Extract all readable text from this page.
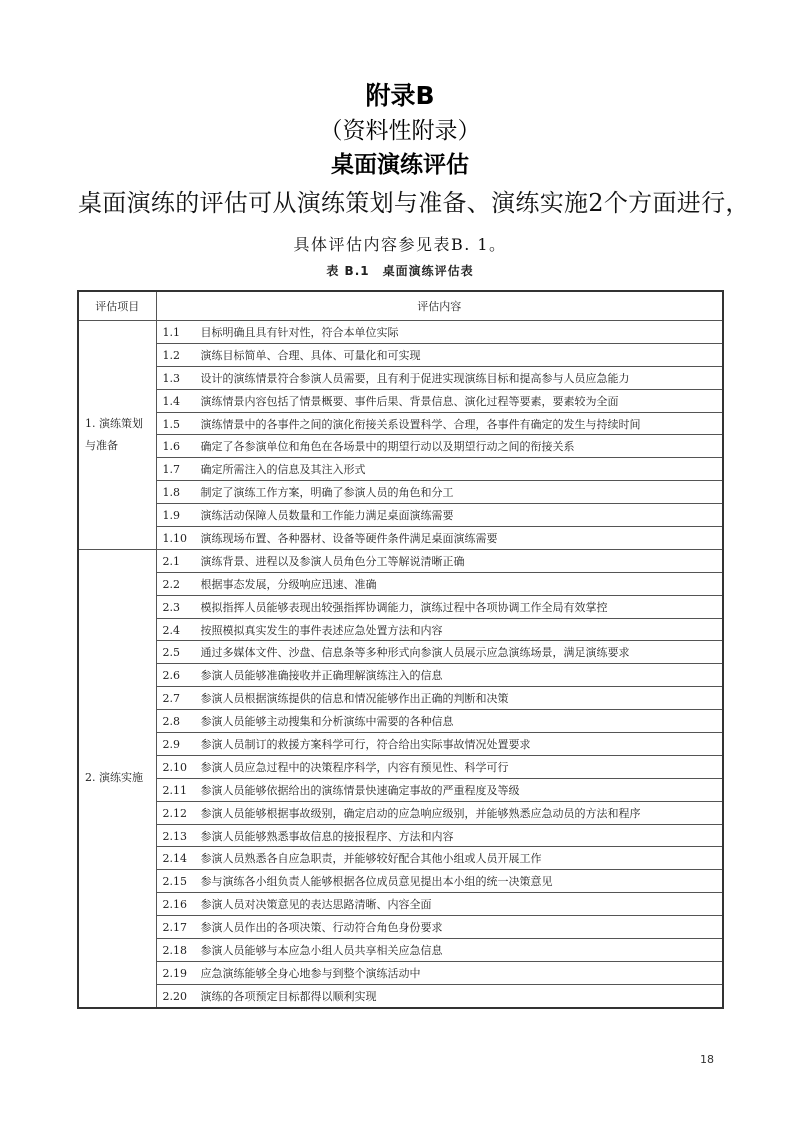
附录B
（资料性附录）
桌面演练评估
桌面演练的评估可从演练策划与准备、演练实施2个方面进行，
具体评估内容参见表B. 1。
表 B.1　桌面演练评估表
评估项目	评估内容
1. 演练策划与准备	1.1 目标明确且具有针对性，符合本单位实际
	1.2 演练目标简单、合理、具体、可量化和可实现
	1.3 设计的演练情景符合参演人员需要，且有利于促进实现演练目标和提高参与人员应急能力
	1.4 演练情景内容包括了情景概要、事件后果、背景信息、演化过程等要素，要素较为全面
	1.5 演练情景中的各事件之间的演化衔接关系设置科学、合理，各事件有确定的发生与持续时间
	1.6 确定了各参演单位和角色在各场景中的期望行动以及期望行动之间的衔接关系
	1.7 确定所需注入的信息及其注入形式
	1.8 制定了演练工作方案，明确了参演人员的角色和分工
	1.9 演练活动保障人员数量和工作能力满足桌面演练需要
	1.10 演练现场布置、各种器材、设备等硬件条件满足桌面演练需要
2. 演练实施	2.1 演练背景、进程以及参演人员角色分工等解说清晰正确
	2.2 根据事态发展，分级响应迅速、准确
	2.3 模拟指挥人员能够表现出较强指挥协调能力，演练过程中各项协调工作全局有效掌控
	2.4 按照模拟真实发生的事件表述应急处置方法和内容
	2.5 通过多媒体文件、沙盘、信息条等多种形式向参演人员展示应急演练场景，满足演练要求
	2.6 参演人员能够准确接收并正确理解演练注入的信息
	2.7 参演人员根据演练提供的信息和情况能够作出正确的判断和决策
	2.8 参演人员能够主动搜集和分析演练中需要的各种信息
	2.9 参演人员制订的救援方案科学可行，符合给出实际事故情况处置要求
	2.10 参演人员应急过程中的决策程序科学，内容有预见性、科学可行
	2.11 参演人员能够依据给出的演练情景快速确定事故的严重程度及等级
	2.12 参演人员能够根据事故级别，确定启动的应急响应级别，并能够熟悉应急动员的方法和程序
	2.13 参演人员能够熟悉事故信息的接报程序、方法和内容
	2.14 参演人员熟悉各自应急职责，并能够较好配合其他小组或人员开展工作
	2.15 参与演练各小组负责人能够根据各位成员意见提出本小组的统一决策意见
	2.16 参演人员对决策意见的表达思路清晰、内容全面
	2.17 参演人员作出的各项决策、行动符合角色身份要求
	2.18 参演人员能够与本应急小组人员共享相关应急信息
	2.19 应急演练能够全身心地参与到整个演练活动中
	2.20 演练的各项预定目标都得以顺利实现
18
